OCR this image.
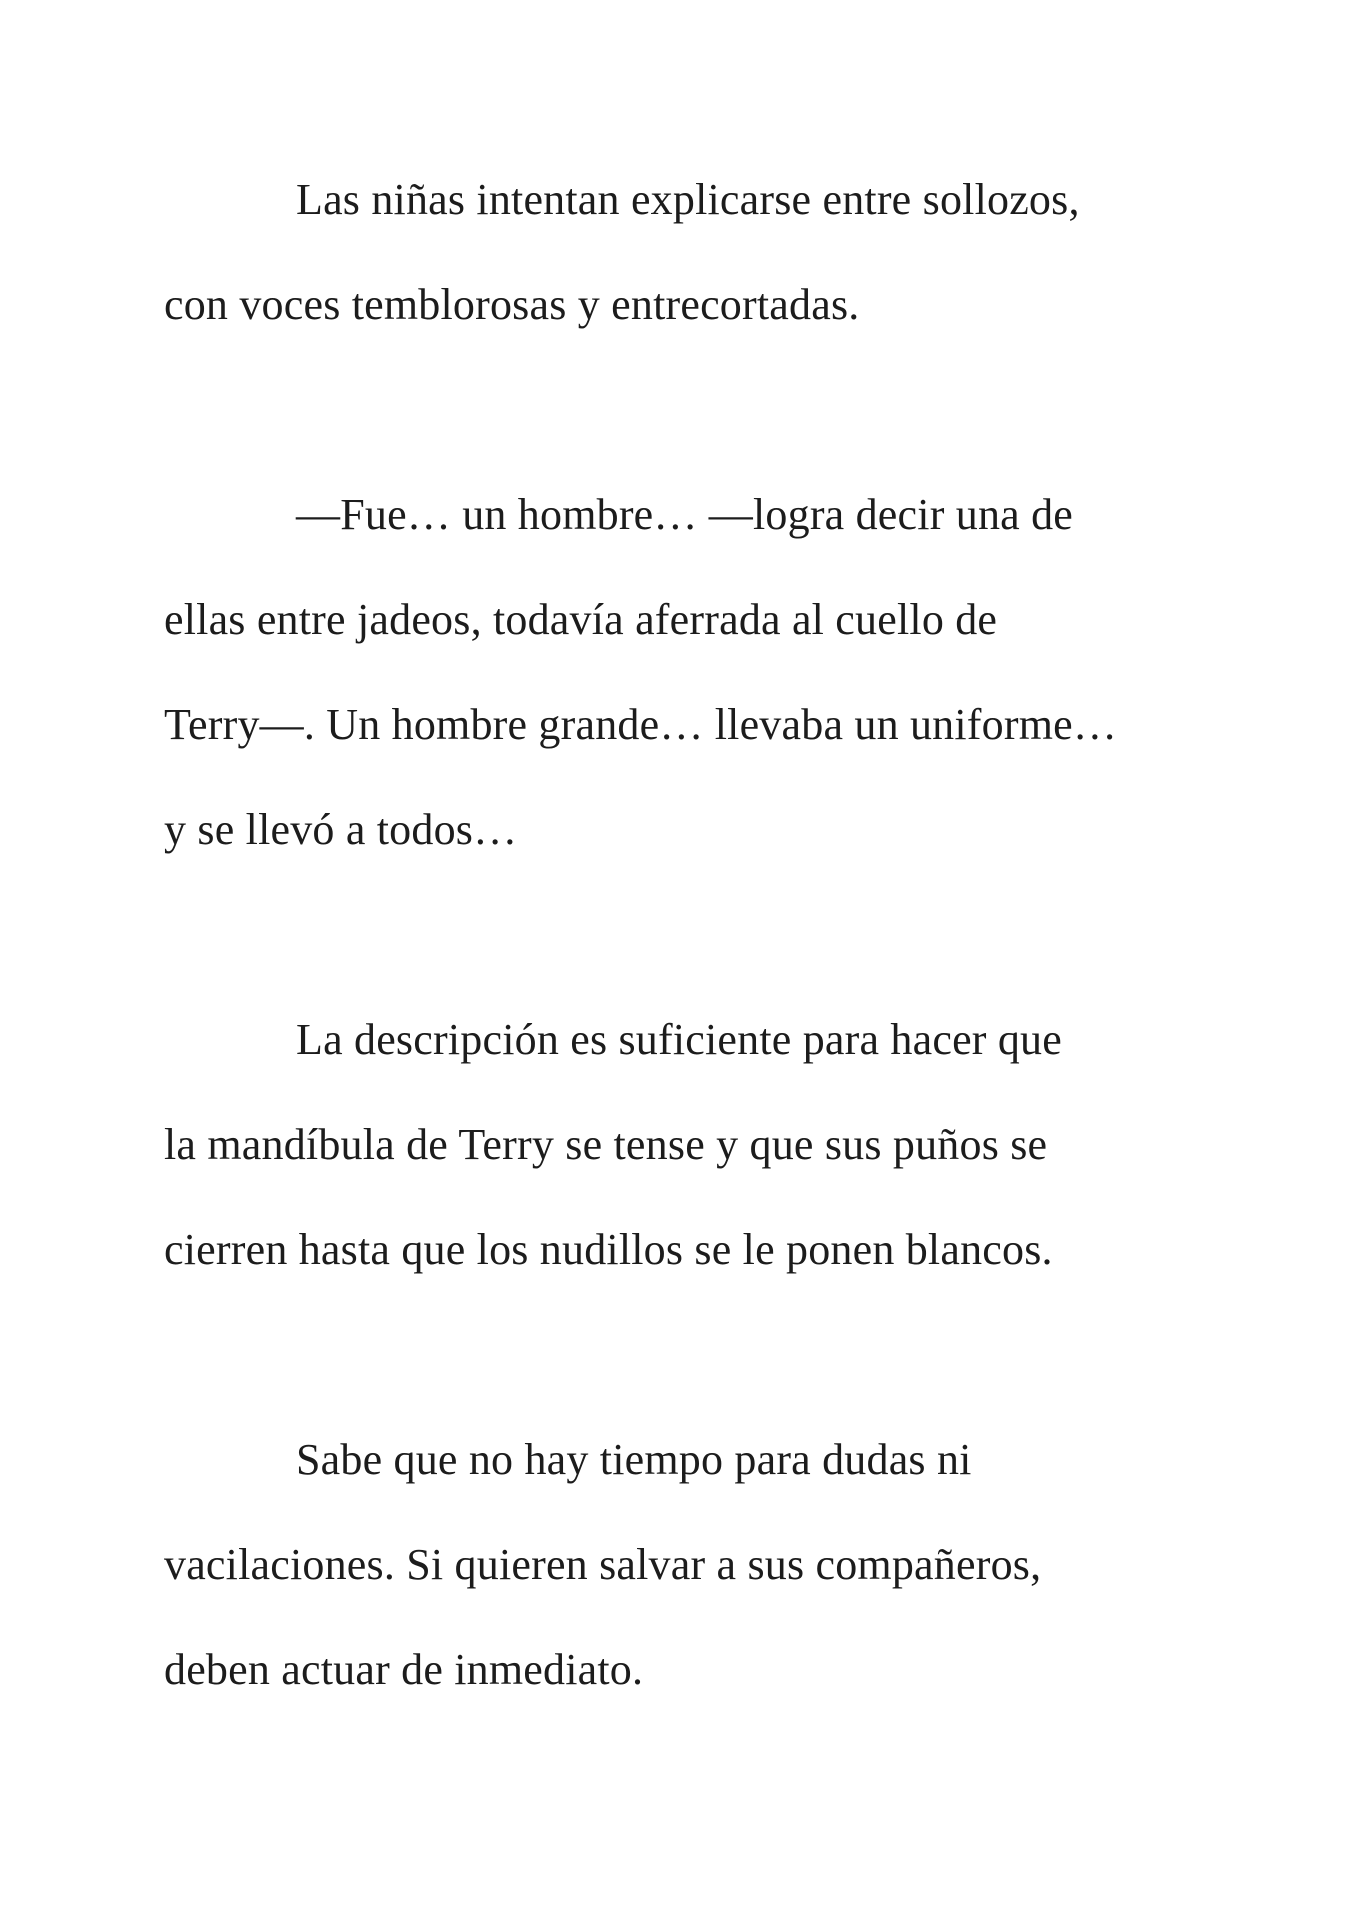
Las niñas intentan explicarse entre sollozos,

con voces temblorosas y entrecortadas.

—Fue… un hombre… —logra decir una de

ellas entre jadeos, todavía aferrada al cuello de

Terry—. Un hombre grande… llevaba un uniforme…

y se llevó a todos…

La descripción es suficiente para hacer que

la mandíbula de Terry se tense y que sus puños se

cierren hasta que los nudillos se le ponen blancos.

Sabe que no hay tiempo para dudas ni

vacilaciones. Si quieren salvar a sus compañeros,

deben actuar de inmediato.
